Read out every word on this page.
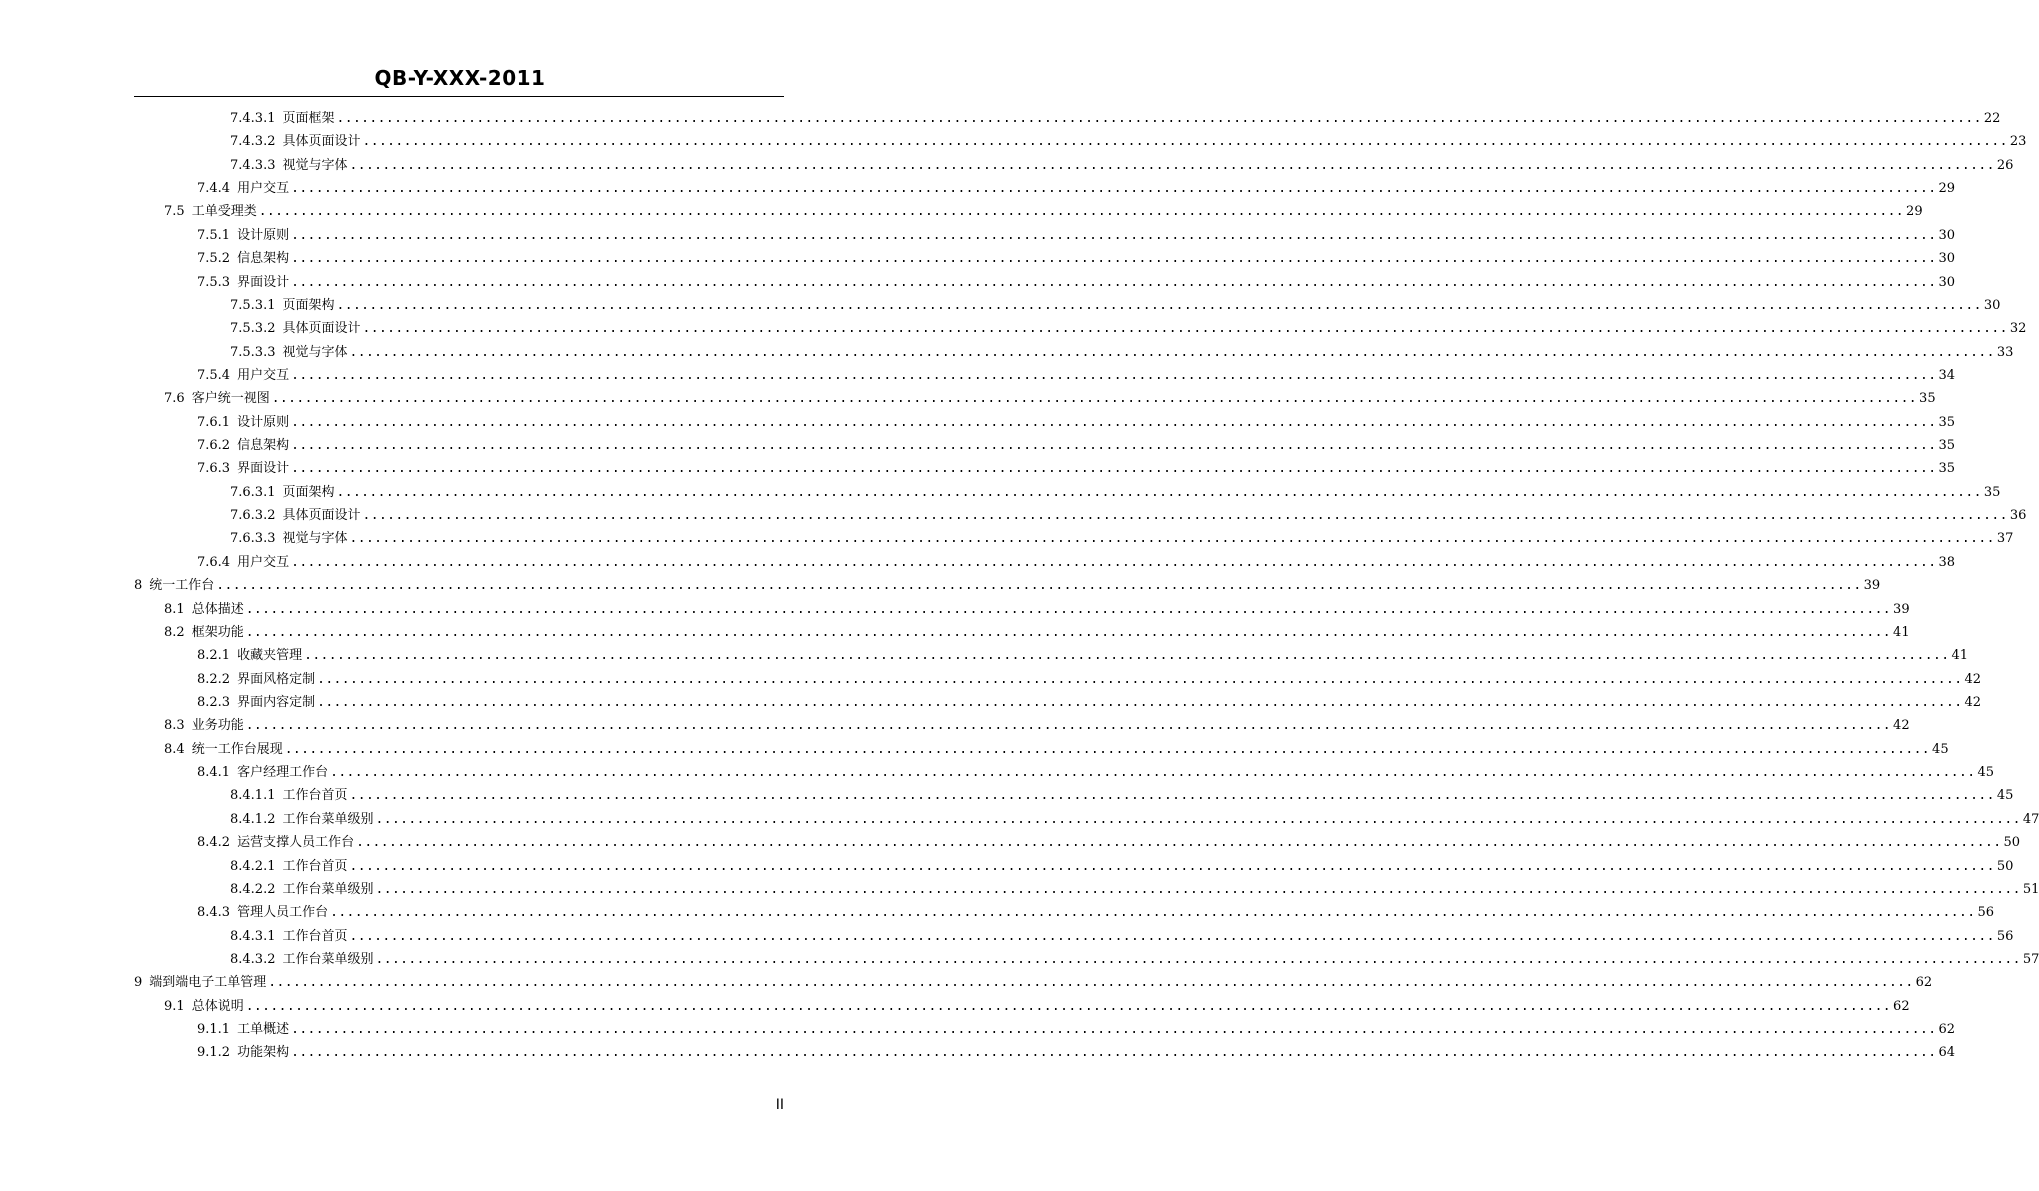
QB-Y-XXX-2011
7.4.3.1 页面框架 ........................................................................................................................................................................................................ 22
7.4.3.2 具体页面设计 ........................................................................................................................................................................................................ 23
7.4.3.3 视觉与字体 ........................................................................................................................................................................................................ 26
7.4.4 用户交互 ........................................................................................................................................................................................................ 29
7.5 工单受理类 ........................................................................................................................................................................................................ 29
7.5.1 设计原则 ........................................................................................................................................................................................................ 30
7.5.2 信息架构 ........................................................................................................................................................................................................ 30
7.5.3 界面设计 ........................................................................................................................................................................................................ 30
7.5.3.1 页面架构 ........................................................................................................................................................................................................ 30
7.5.3.2 具体页面设计 ........................................................................................................................................................................................................ 32
7.5.3.3 视觉与字体 ........................................................................................................................................................................................................ 33
7.5.4 用户交互 ........................................................................................................................................................................................................ 34
7.6 客户统一视图 ........................................................................................................................................................................................................ 35
7.6.1 设计原则 ........................................................................................................................................................................................................ 35
7.6.2 信息架构 ........................................................................................................................................................................................................ 35
7.6.3 界面设计 ........................................................................................................................................................................................................ 35
7.6.3.1 页面架构 ........................................................................................................................................................................................................ 35
7.6.3.2 具体页面设计 ........................................................................................................................................................................................................ 36
7.6.3.3 视觉与字体 ........................................................................................................................................................................................................ 37
7.6.4 用户交互 ........................................................................................................................................................................................................ 38
8 统一工作台 ........................................................................................................................................................................................................ 39
8.1 总体描述 ........................................................................................................................................................................................................ 39
8.2 框架功能 ........................................................................................................................................................................................................ 41
8.2.1 收藏夹管理 ........................................................................................................................................................................................................ 41
8.2.2 界面风格定制 ........................................................................................................................................................................................................ 42
8.2.3 界面内容定制 ........................................................................................................................................................................................................ 42
8.3 业务功能 ........................................................................................................................................................................................................ 42
8.4 统一工作台展现 ........................................................................................................................................................................................................ 45
8.4.1 客户经理工作台 ........................................................................................................................................................................................................ 45
8.4.1.1 工作台首页 ........................................................................................................................................................................................................ 45
8.4.1.2 工作台菜单级别 ........................................................................................................................................................................................................ 47
8.4.2 运营支撑人员工作台 ........................................................................................................................................................................................................ 50
8.4.2.1 工作台首页 ........................................................................................................................................................................................................ 50
8.4.2.2 工作台菜单级别 ........................................................................................................................................................................................................ 51
8.4.3 管理人员工作台 ........................................................................................................................................................................................................ 56
8.4.3.1 工作台首页 ........................................................................................................................................................................................................ 56
8.4.3.2 工作台菜单级别 ........................................................................................................................................................................................................ 57
9 端到端电子工单管理 ........................................................................................................................................................................................................ 62
9.1 总体说明 ........................................................................................................................................................................................................ 62
9.1.1 工单概述 ........................................................................................................................................................................................................ 62
9.1.2 功能架构 ........................................................................................................................................................................................................ 64
II
